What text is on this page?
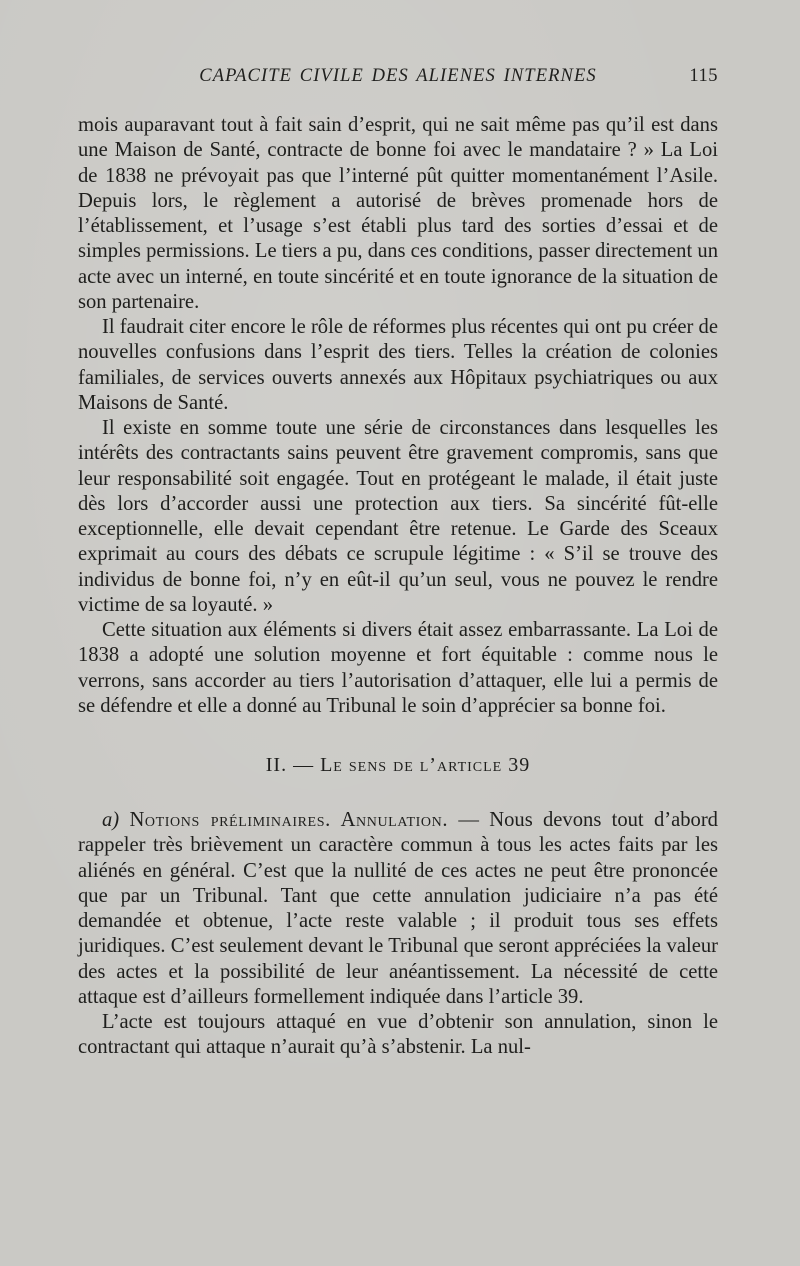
CAPACITE CIVILE DES ALIENES INTERNES	115

mois auparavant tout à fait sain d’esprit, qui ne sait même pas qu’il est dans une Maison de Santé, contracte de bonne foi avec le mandataire ? » La Loi de 1838 ne prévoyait pas que l’interné pût quitter momentanément l’Asile. Depuis lors, le règlement a autorisé de brèves promenade hors de l’établissement, et l’usage s’est établi plus tard des sorties d’essai et de simples permissions. Le tiers a pu, dans ces conditions, passer directement un acte avec un interné, en toute sincérité et en toute ignorance de la situation de son partenaire.

Il faudrait citer encore le rôle de réformes plus récentes qui ont pu créer de nouvelles confusions dans l’esprit des tiers. Telles la création de colonies familiales, de services ouverts annexés aux Hôpitaux psychiatriques ou aux Maisons de Santé.

Il existe en somme toute une série de circonstances dans lesquelles les intérêts des contractants sains peuvent être gravement compromis, sans que leur responsabilité soit engagée. Tout en protégeant le malade, il était juste dès lors d’accorder aussi une protection aux tiers. Sa sincérité fût-elle exceptionnelle, elle devait cependant être retenue. Le Garde des Sceaux exprimait au cours des débats ce scrupule légitime : « S’il se trouve des individus de bonne foi, n’y en eût-il qu’un seul, vous ne pouvez le rendre victime de sa loyauté. »

Cette situation aux éléments si divers était assez embarrassante. La Loi de 1838 a adopté une solution moyenne et fort équitable : comme nous le verrons, sans accorder au tiers l’autorisation d’attaquer, elle lui a permis de se défendre et elle a donné au Tribunal le soin d’apprécier sa bonne foi.

II. — Le sens de l’article 39

a) Notions préliminaires. Annulation. — Nous devons tout d’abord rappeler très brièvement un caractère commun à tous les actes faits par les aliénés en général. C’est que la nullité de ces actes ne peut être prononcée que par un Tribunal. Tant que cette annulation judiciaire n’a pas été demandée et obtenue, l’acte reste valable ; il produit tous ses effets juridiques. C’est seulement devant le Tribunal que seront appréciées la valeur des actes et la possibilité de leur anéantissement. La nécessité de cette attaque est d’ailleurs formellement indiquée dans l’article 39.

L’acte est toujours attaqué en vue d’obtenir son annulation, sinon le contractant qui attaque n’aurait qu’à s’abstenir. La nul-
